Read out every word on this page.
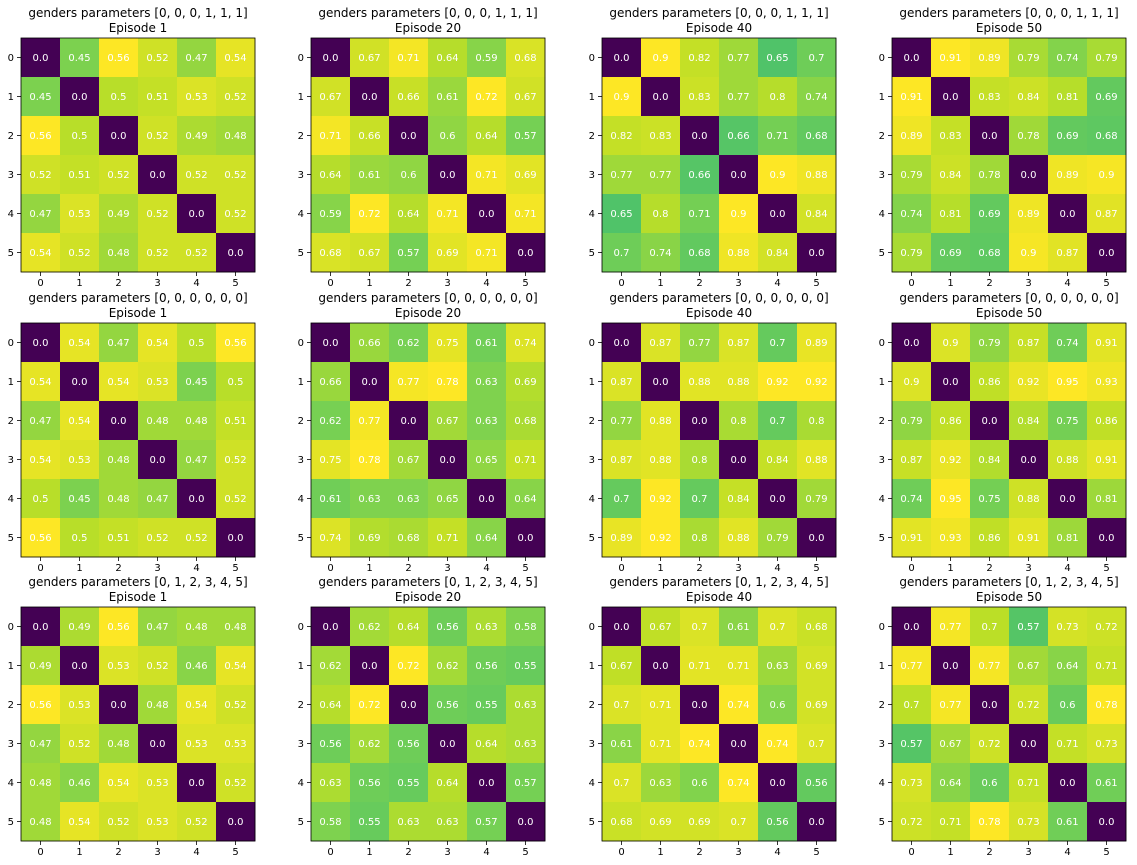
genders parameters [0, 0, 0, 1, 1, 1]
Episode 1
0.0 0.45 0.56 0.52 0.47 0.54
0.45 0.0 0.5 0.51 0.53 0.52
0.56 0.5 0.0 0.52 0.49 0.48
0.52 0.51 0.52 0.0 0.52 0.52
0.47 0.53 0.49 0.52 0.0 0.52
0.54 0.52 0.48 0.52 0.52 0.0
0	1	2	3	4	5
0
1
2
3
4
5
genders parameters [0, 0, 0, 1, 1, 1]
Episode 20
0.0 0.67 0.71 0.64 0.59 0.68
0.67 0.0 0.66 0.61 0.72 0.67
0.71 0.66 0.0 0.6 0.64 0.57
0.64 0.61 0.6 0.0 0.71 0.69
0.59 0.72 0.64 0.71 0.0 0.71
0.68 0.67 0.57 0.69 0.71 0.0
0	1	2	3	4	5
0
1
2
3
4
5
genders parameters [0, 0, 0, 1, 1, 1]
Episode 40
0.0 0.9 0.82 0.77 0.65 0.7
0.9 0.0 0.83 0.77 0.8 0.74
0.82 0.83 0.0 0.66 0.71 0.68
0.77 0.77 0.66 0.0 0.9 0.88
0.65 0.8 0.71 0.9 0.0 0.84
0.7 0.74 0.68 0.88 0.84 0.0
0	1	2	3	4	5
0
1
2
3
4
5
genders parameters [0, 0, 0, 1, 1, 1]
Episode 50
0.0 0.91 0.89 0.79 0.74 0.79
0.91 0.0 0.83 0.84 0.81 0.69
0.89 0.83 0.0 0.78 0.69 0.68
0.79 0.84 0.78 0.0 0.89 0.9
0.74 0.81 0.69 0.89 0.0 0.87
0.79 0.69 0.68 0.9 0.87 0.0
0	1	2	3	4	5
0
1
2
3
4
5
genders parameters [0, 0, 0, 0, 0, 0]
Episode 1
0.0 0.54 0.47 0.54 0.5 0.56
0.54 0.0 0.54 0.53 0.45 0.5
0.47 0.54 0.0 0.48 0.48 0.51
0.54 0.53 0.48 0.0 0.47 0.52
0.5 0.45 0.48 0.47 0.0 0.52
0.56 0.5 0.51 0.52 0.52 0.0
0	1	2	3	4	5
0
1
2
3
4
5
genders parameters [0, 0, 0, 0, 0, 0]
Episode 20
0.0 0.66 0.62 0.75 0.61 0.74
0.66 0.0 0.77 0.78 0.63 0.69
0.62 0.77 0.0 0.67 0.63 0.68
0.75 0.78 0.67 0.0 0.65 0.71
0.61 0.63 0.63 0.65 0.0 0.64
0.74 0.69 0.68 0.71 0.64 0.0
0	1	2	3	4	5
0
1
2
3
4
5
genders parameters [0, 0, 0, 0, 0, 0]
Episode 40
0.0 0.87 0.77 0.87 0.7 0.89
0.87 0.0 0.88 0.88 0.92 0.92
0.77 0.88 0.0 0.8 0.7 0.8
0.87 0.88 0.8 0.0 0.84 0.88
0.7 0.92 0.7 0.84 0.0 0.79
0.89 0.92 0.8 0.88 0.79 0.0
0	1	2	3	4	5
0
1
2
3
4
5
genders parameters [0, 0, 0, 0, 0, 0]
Episode 50
0.0 0.9 0.79 0.87 0.74 0.91
0.9 0.0 0.86 0.92 0.95 0.93
0.79 0.86 0.0 0.84 0.75 0.86
0.87 0.92 0.84 0.0 0.88 0.91
0.74 0.95 0.75 0.88 0.0 0.81
0.91 0.93 0.86 0.91 0.81 0.0
0	1	2	3	4	5
0
1
2
3
4
5
genders parameters [0, 1, 2, 3, 4, 5]
Episode 1
0.0 0.49 0.56 0.47 0.48 0.48
0.49 0.0 0.53 0.52 0.46 0.54
0.56 0.53 0.0 0.48 0.54 0.52
0.47 0.52 0.48 0.0 0.53 0.53
0.48 0.46 0.54 0.53 0.0 0.52
0.48 0.54 0.52 0.53 0.52 0.0
0	1	2	3	4	5
0
1
2
3
4
5
genders parameters [0, 1, 2, 3, 4, 5]
Episode 20
0.0 0.62 0.64 0.56 0.63 0.58
0.62 0.0 0.72 0.62 0.56 0.55
0.64 0.72 0.0 0.56 0.55 0.63
0.56 0.62 0.56 0.0 0.64 0.63
0.63 0.56 0.55 0.64 0.0 0.57
0.58 0.55 0.63 0.63 0.57 0.0
0	1	2	3	4	5
0
1
2
3
4
5
genders parameters [0, 1, 2, 3, 4, 5]
Episode 40
0.0 0.67 0.7 0.61 0.7 0.68
0.67 0.0 0.71 0.71 0.63 0.69
0.7 0.71 0.0 0.74 0.6 0.69
0.61 0.71 0.74 0.0 0.74 0.7
0.7 0.63 0.6 0.74 0.0 0.56
0.68 0.69 0.69 0.7 0.56 0.0
0	1	2	3	4	5
0
1
2
3
4
5
genders parameters [0, 1, 2, 3, 4, 5]
Episode 50
0.0 0.77 0.7 0.57 0.73 0.72
0.77 0.0 0.77 0.67 0.64 0.71
0.7 0.77 0.0 0.72 0.6 0.78
0.57 0.67 0.72 0.0 0.71 0.73
0.73 0.64 0.6 0.71 0.0 0.61
0.72 0.71 0.78 0.73 0.61 0.0
0	1	2	3	4	5
0
1
2
3
4
5
